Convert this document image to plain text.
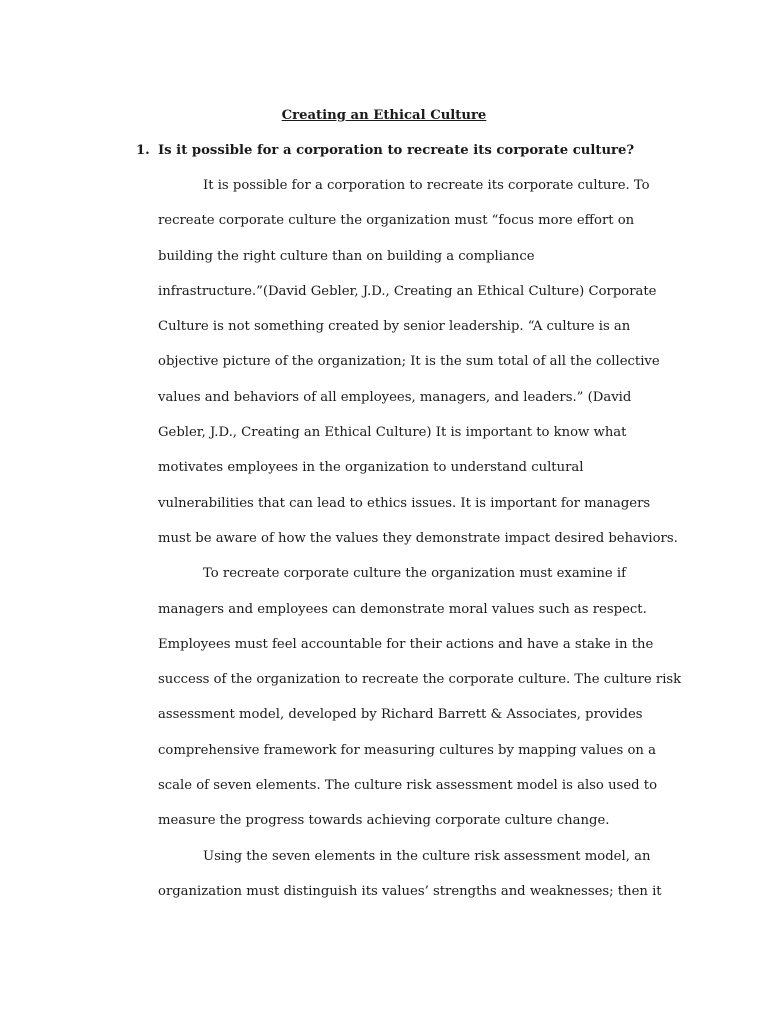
Creating an Ethical Culture
1. Is it possible for a corporation to recreate its corporate culture?
It is possible for a corporation to recreate its corporate culture. To
recreate corporate culture the organization must “focus more effort on
building the right culture than on building a compliance
infrastructure.”(David Gebler, J.D., Creating an Ethical Culture) Corporate
Culture is not something created by senior leadership. “A culture is an
objective picture of the organization; It is the sum total of all the collective
values and behaviors of all employees, managers, and leaders.” (David
Gebler, J.D., Creating an Ethical Culture) It is important to know what
motivates employees in the organization to understand cultural
vulnerabilities that can lead to ethics issues. It is important for managers
must be aware of how the values they demonstrate impact desired behaviors.
To recreate corporate culture the organization must examine if
managers and employees can demonstrate moral values such as respect.
Employees must feel accountable for their actions and have a stake in the
success of the organization to recreate the corporate culture. The culture risk
assessment model, developed by Richard Barrett & Associates, provides
comprehensive framework for measuring cultures by mapping values on a
scale of seven elements. The culture risk assessment model is also used to
measure the progress towards achieving corporate culture change.
Using the seven elements in the culture risk assessment model, an
organization must distinguish its values’ strengths and weaknesses; then it
